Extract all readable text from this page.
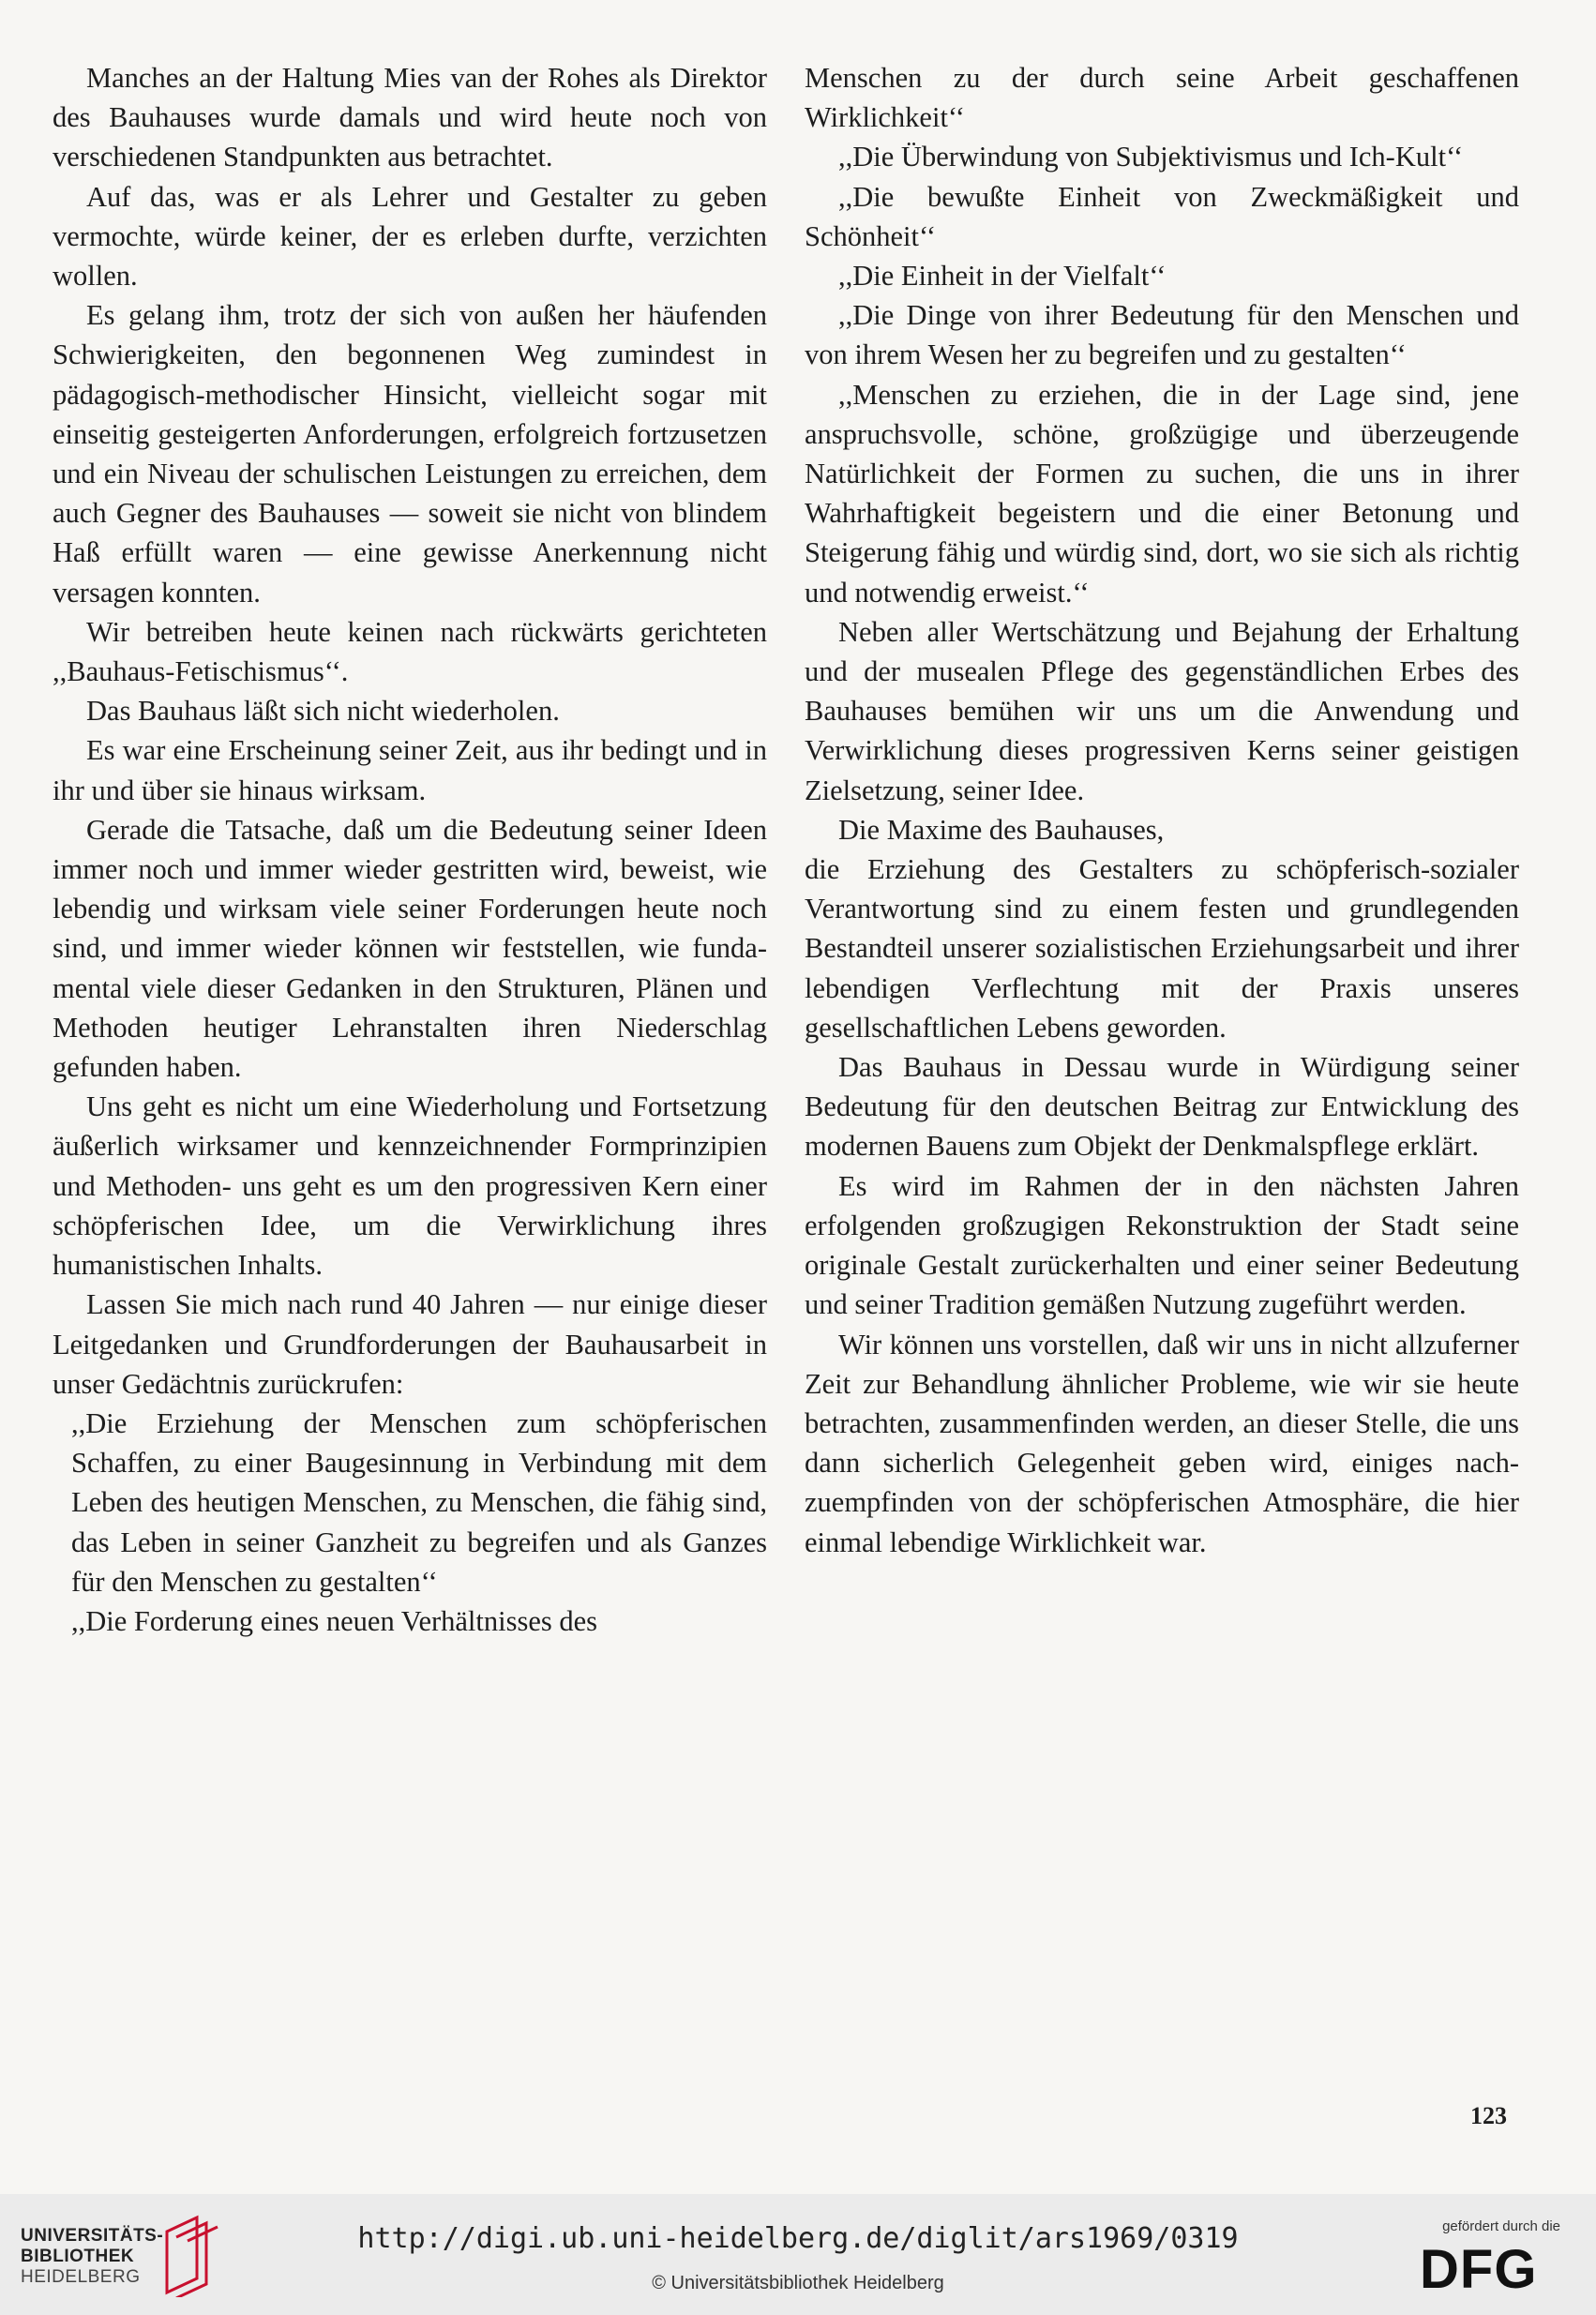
Manches an der Haltung Mies van der Rohes als Direktor des Bauhauses wurde damals und wird heute noch von verschiedenen Standpunkten aus betrachtet.

Auf das, was er als Lehrer und Gestalter zu geben vermochte, würde keiner, der es erleben durfte, verzichten wollen.

Es gelang ihm, trotz der sich von außen her häufenden Schwierigkeiten, den begonnenen Weg zumindest in pädagogisch-methodischer Hinsicht, vielleicht sogar mit einseitig gesteigerten Anforderungen, erfolgreich fortzusetzen und ein Niveau der schulischen Leistungen zu erreichen, dem auch Gegner des Bauhauses — soweit sie nicht von blindem Haß erfüllt waren — eine gewisse Anerkennung nicht versagen konnten.

Wir betreiben heute keinen nach rückwärts gerichteten ,,Bauhaus-Fetischismus‘‘.

Das Bauhaus läßt sich nicht wiederholen.

Es war eine Erscheinung seiner Zeit, aus ihr bedingt und in ihr und über sie hinaus wirksam.

Gerade die Tatsache, daß um die Bedeutung seiner Ideen immer noch und immer wieder gestritten wird, beweist, wie lebendig und wirksam viele seiner Forderungen heute noch sind, und immer wieder können wir feststellen, wie fundamental viele dieser Gedanken in den Strukturen, Plänen und Methoden heutiger Lehranstalten ihren Niederschlag gefunden haben.

Uns geht es nicht um eine Wiederholung und Fortsetzung äußerlich wirksamer und kennzeichnender Formprinzipien und Methoden- uns geht es um den progressiven Kern einer schöpferischen Idee, um die Verwirklichung ihres humanistischen Inhalts.

Lassen Sie mich nach rund 40 Jahren — nur einige dieser Leitgedanken und Grundforderungen der Bauhausarbeit in unser Gedächtnis zurückrufen:

,,Die Erziehung der Menschen zum schöpferischen Schaffen, zu einer Baugesinnung in Verbindung mit dem Leben des heutigen Menschen, zu Menschen, die fähig sind, das Leben in seiner Ganzheit zu begreifen und als Ganzes für den Menschen zu gestalten‘‘

,,Die Forderung eines neuen Verhältnisses des

Menschen zu der durch seine Arbeit geschaffenen Wirklichkeit‘‘

,,Die Überwindung von Subjektivismus und Ich-Kult‘‘

,,Die bewußte Einheit von Zweckmäßigkeit und Schönheit‘‘

,,Die Einheit in der Vielfalt‘‘

,,Die Dinge von ihrer Bedeutung für den Menschen und von ihrem Wesen her zu begreifen und zu gestalten‘‘

,,Menschen zu erziehen, die in der Lage sind, jene anspruchsvolle, schöne, großzügige und überzeugende Natürlichkeit der Formen zu suchen, die uns in ihrer Wahrhaftigkeit begeistern und die einer Betonung und Steigerung fähig und würdig sind, dort, wo sie sich als richtig und notwendig erweist.‘‘

Neben aller Wertschätzung und Bejahung der Erhaltung und der musealen Pflege des gegenständlichen Erbes des Bauhauses bemühen wir uns um die Anwendung und Verwirklichung dieses progressiven Kerns seiner geistigen Zielsetzung, seiner Idee.

Die Maxime des Bauhauses,

die Erziehung des Gestalters zu schöpferisch-sozialer Verantwortung sind zu einem festen und grundlegenden Bestandteil unserer sozialistischen Erziehungsarbeit und ihrer lebendigen Verflechtung mit der Praxis unseres gesellschaftlichen Lebens geworden.

Das Bauhaus in Dessau wurde in Würdigung seiner Bedeutung für den deutschen Beitrag zur Entwicklung des modernen Bauens zum Objekt der Denkmalspflege erklärt.

Es wird im Rahmen der in den nächsten Jahren erfolgenden großzugigen Rekonstruktion der Stadt seine originale Gestalt zurückerhalten und einer seiner Bedeutung und seiner Tradition gemäßen Nutzung zugeführt werden.

Wir können uns vorstellen, daß wir uns in nicht allzuferner Zeit zur Behandlung ähnlicher Probleme, wie wir sie heute betrachten, zusammenfinden werden, an dieser Stelle, die uns dann sicherlich Gelegenheit geben wird, einiges nachzuempfinden von der schöpferischen Atmosphäre, die hier einmal lebendige Wirklichkeit war.

123
UNIVERSITÄTS-
BIBLIOTHEK
HEIDELBERG
http://digi.ub.uni-heidelberg.de/diglit/ars1969/0319
© Universitätsbibliothek Heidelberg
gefördert durch die
DFG
